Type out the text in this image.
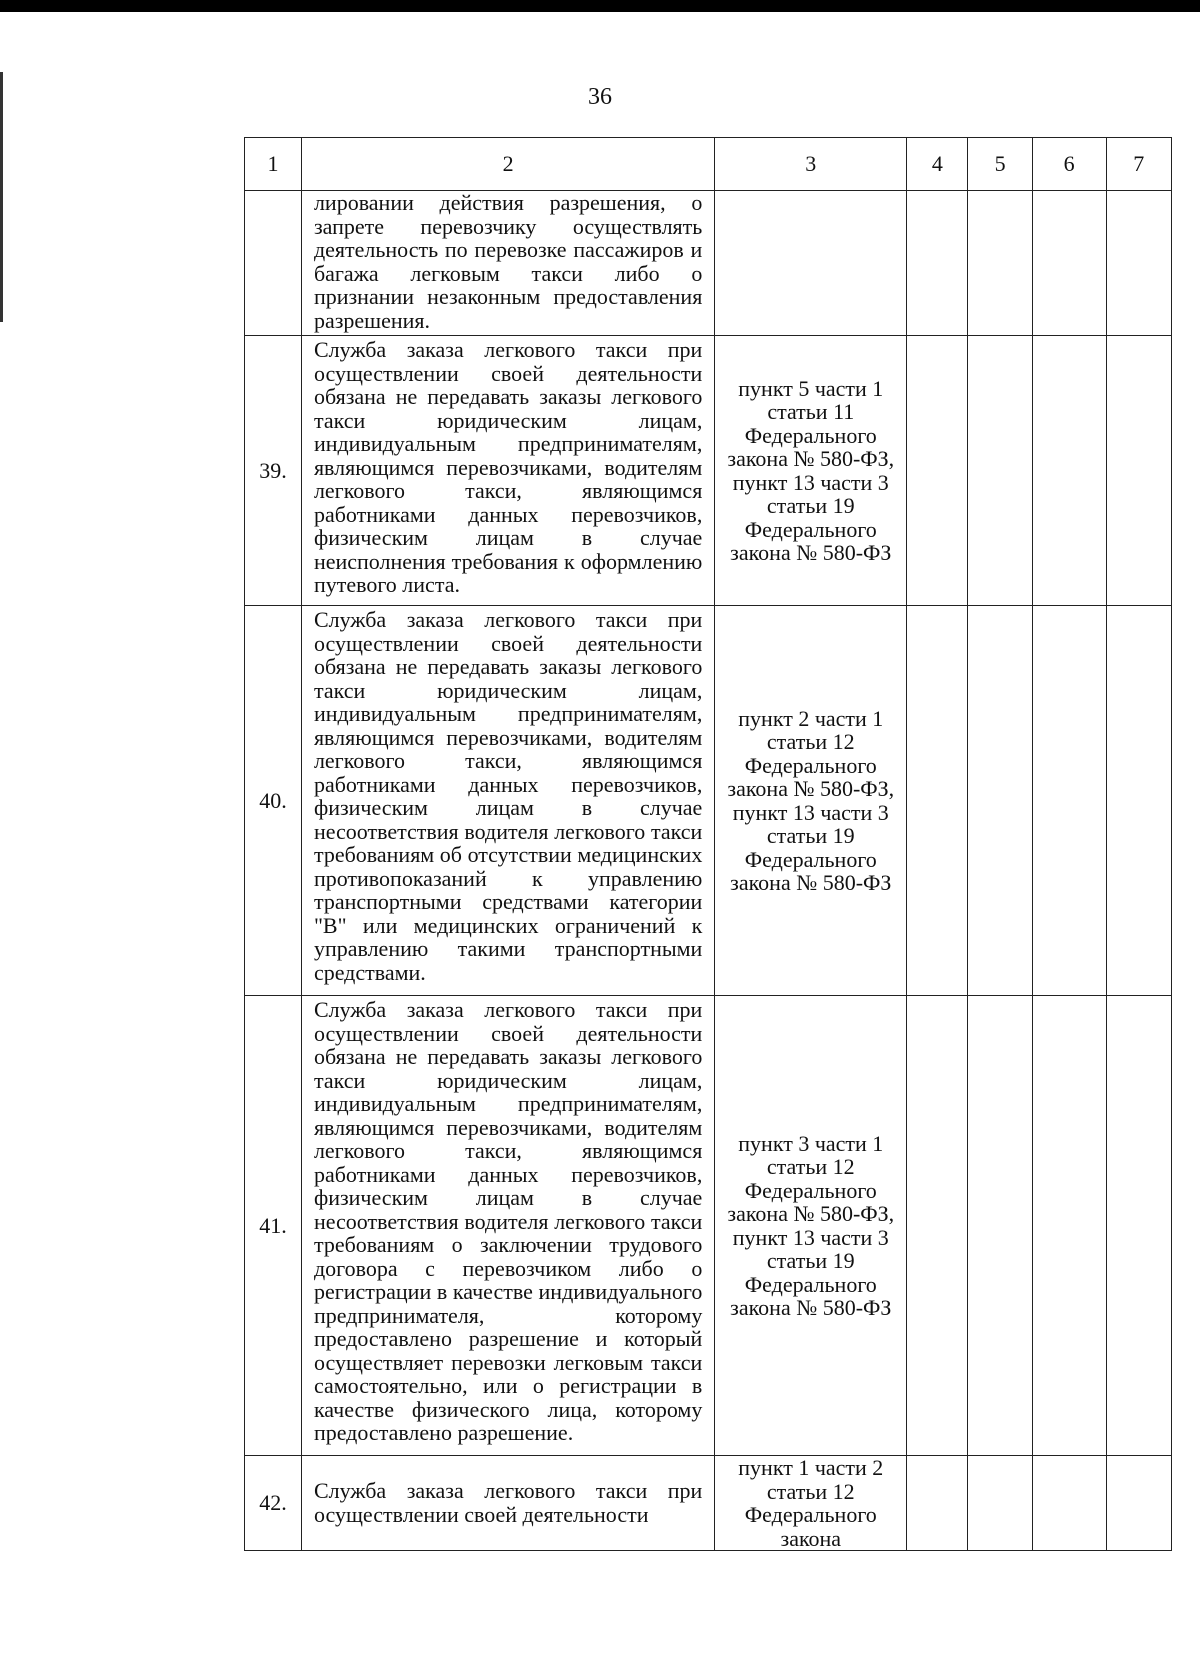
36
1	2	3	4	5	6	7

	лировании действия разрешения, о запрете перевозчику осуществлять деятельность по перевозке пассажиров и багажа легковым такси либо о признании незаконным предоставления разрешения.					

39.	Служба заказа легкового такси при осуществлении своей деятельности обязана не передавать заказы легкового такси юридическим лицам, индивидуальным предпринимателям, являющимся перевозчиками, водителям легкового такси, являющимся работниками данных перевозчиков, физическим лицам в случае неисполнения требования к оформлению путевого листа.	пункт 5 части 1 статьи 11 Федерального закона № 580-ФЗ, пункт 13 части 3 статьи 19 Федерального закона № 580-ФЗ				
40.	Служба заказа легкового такси при осуществлении своей деятельности обязана не передавать заказы легкового такси юридическим лицам, индивидуальным предпринимателям, являющимся перевозчиками, водителям легкового такси, являющимся работниками данных перевозчиков, физическим лицам в случае несоответствия водителя легкового такси требованиям об отсутствии медицинских противопоказаний к управлению транспортными средствами категории "В" или медицинских ограничений к управлению такими транспортными средствами.	пункт 2 части 1 статьи 12 Федерального закона № 580-ФЗ, пункт 13 части 3 статьи 19 Федерального закона № 580-ФЗ				
41.	Служба заказа легкового такси при осуществлении своей деятельности обязана не передавать заказы легкового такси юридическим лицам, индивидуальным предпринимателям, являющимся перевозчиками, водителям легкового такси, являющимся работниками данных перевозчиков, физическим лицам в случае несоответствия водителя легкового такси требованиям о заключении трудового договора с перевозчиком либо о регистрации в качестве индивидуального предпринимателя, которому предоставлено разрешение и который осуществляет перевозки легковым такси самостоятельно, или о регистрации в качестве физического лица, которому предоставлено разрешение.	пункт 3 части 1 статьи 12 Федерального закона № 580-ФЗ, пункт 13 части 3 статьи 19 Федерального закона № 580-ФЗ				
42.	Служба заказа легкового такси при осуществлении своей деятельности	пункт 1 части 2 статьи 12 Федерального закона				
